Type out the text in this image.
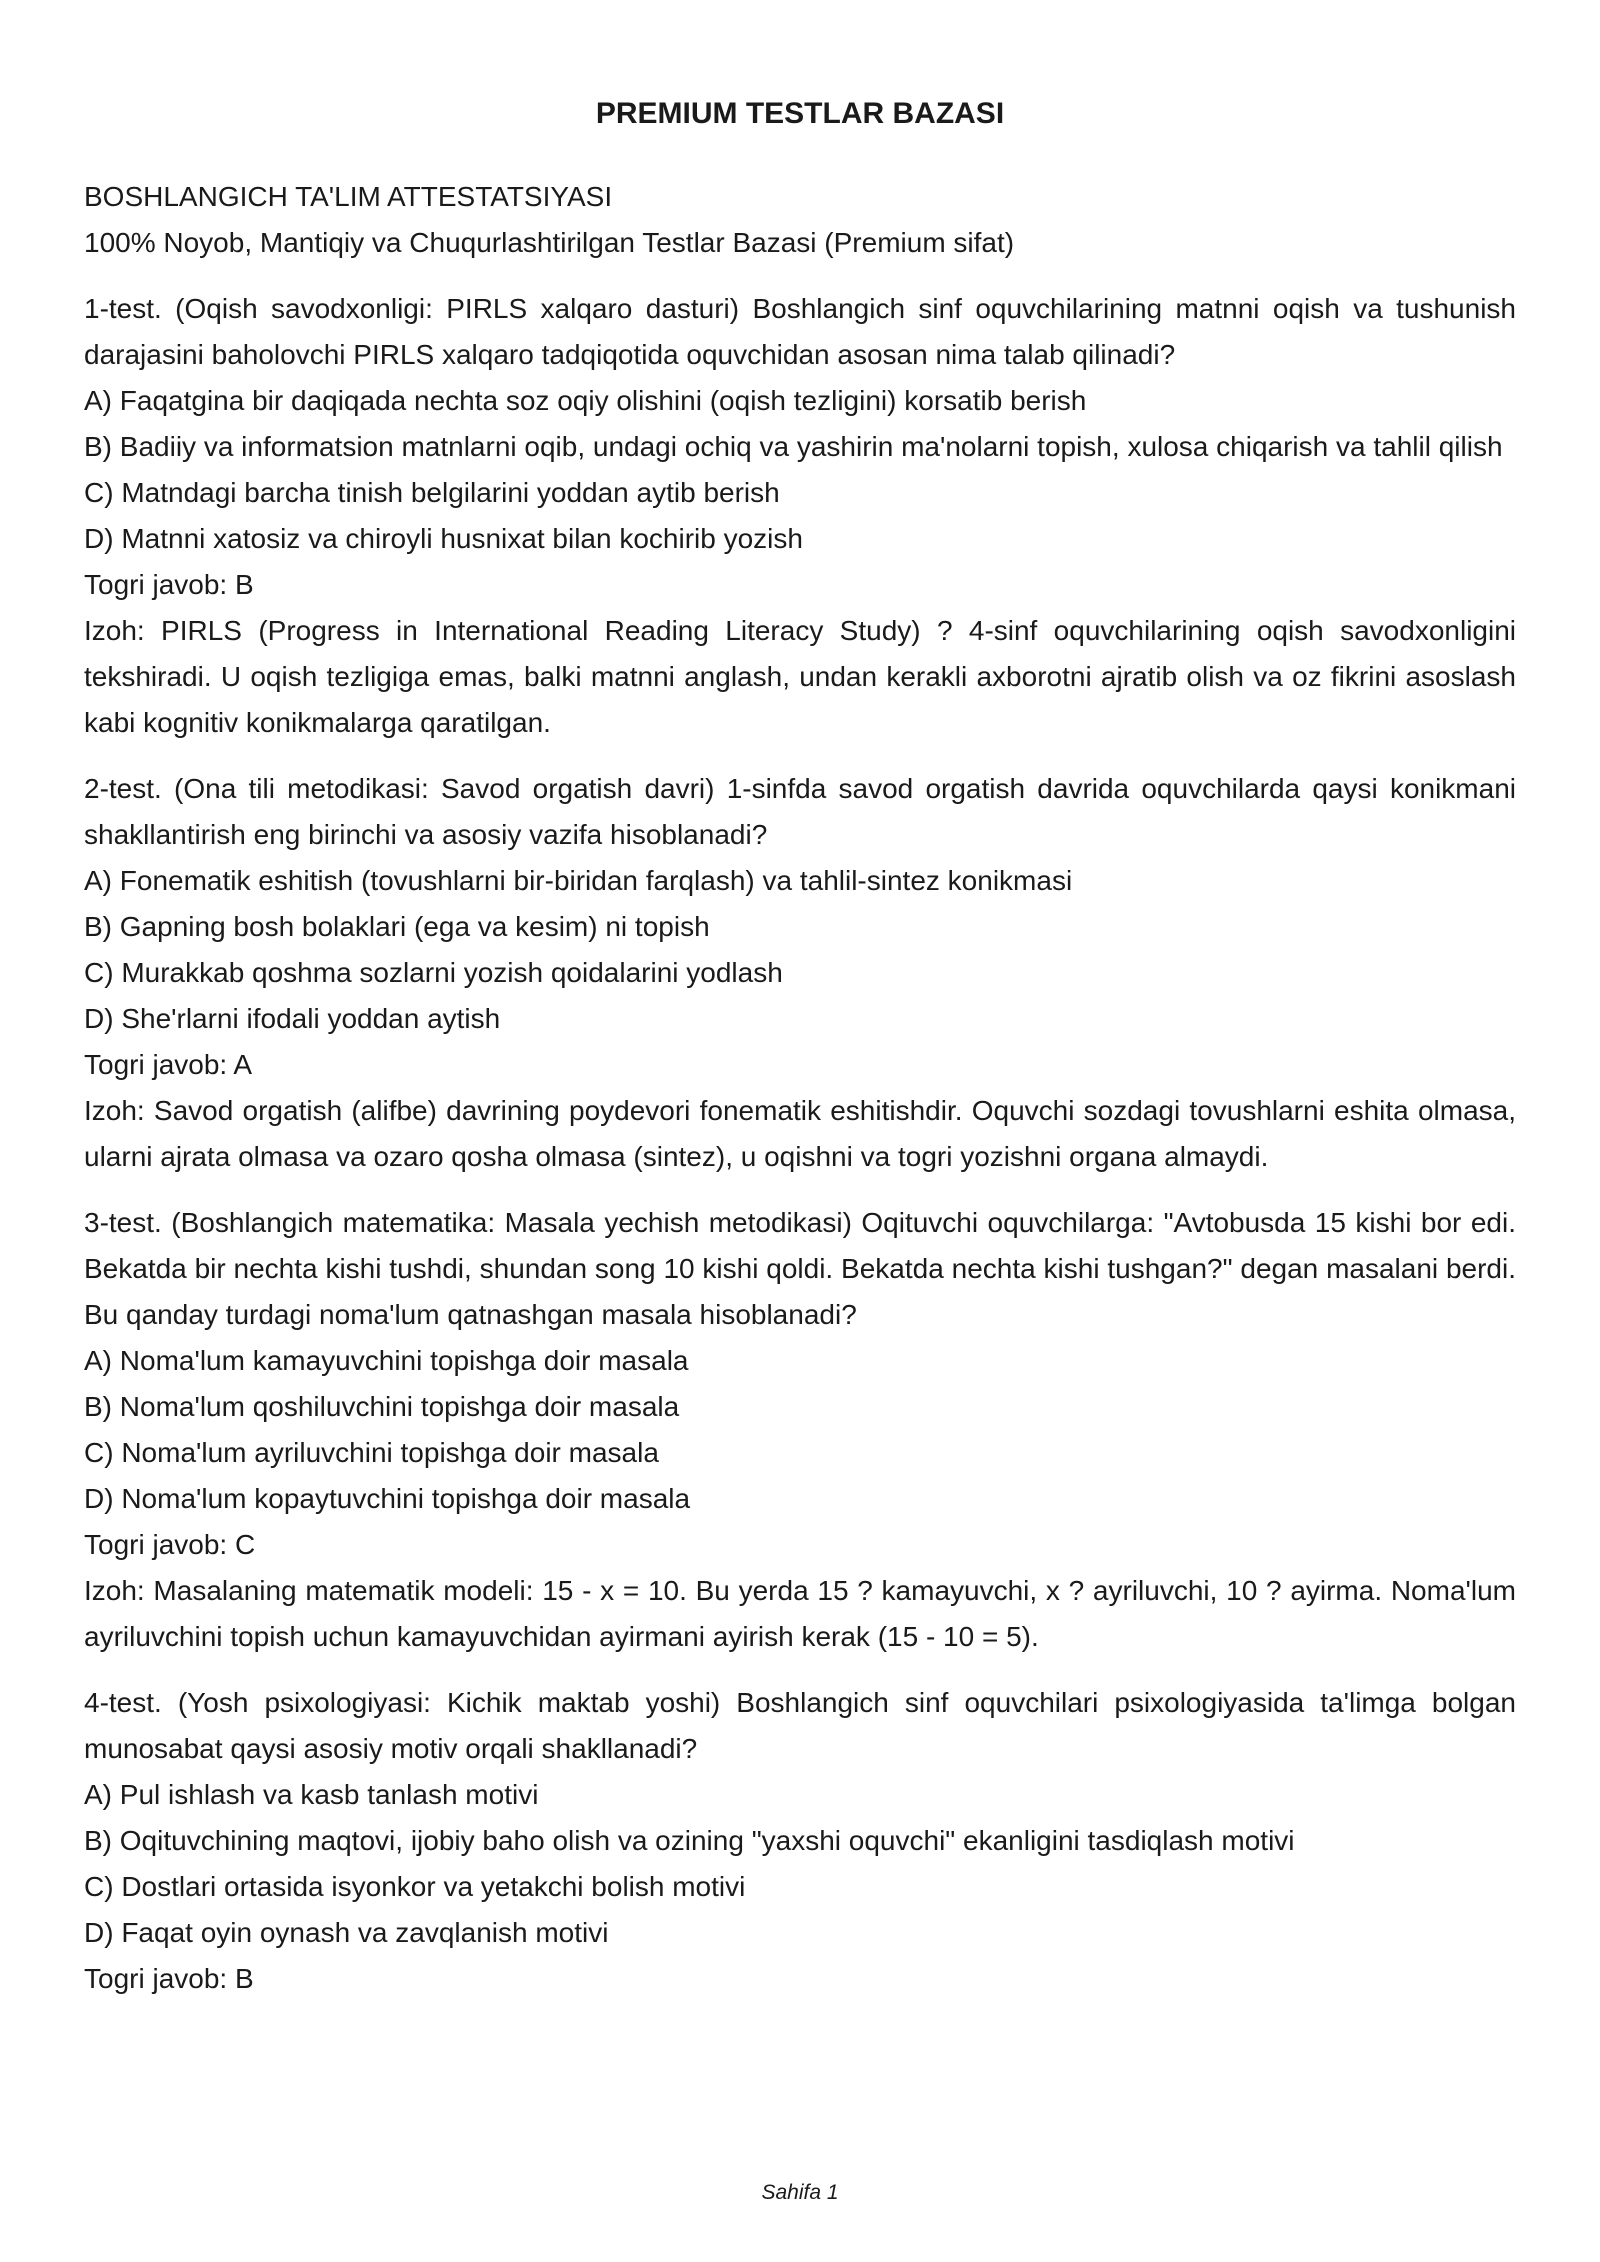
PREMIUM TESTLAR BAZASI
BOSHLANGICH TA'LIM ATTESTATSIYASI
100% Noyob, Mantiqiy va Chuqurlashtirilgan Testlar Bazasi (Premium sifat)
1-test. (Oqish savodxonligi: PIRLS xalqaro dasturi) Boshlangich sinf oquvchilarining matnni oqish va tushunish darajasini baholovchi PIRLS xalqaro tadqiqotida oquvchidan asosan nima talab qilinadi?
A) Faqatgina bir daqiqada nechta soz oqiy olishini (oqish tezligini) korsatib berish
B) Badiiy va informatsion matnlarni oqib, undagi ochiq va yashirin ma'nolarni topish, xulosa chiqarish va tahlil qilish
C) Matndagi barcha tinish belgilarini yoddan aytib berish
D) Matnni xatosiz va chiroyli husnixat bilan kochirib yozish
Togri javob: B
Izoh: PIRLS (Progress in International Reading Literacy Study) ? 4-sinf oquvchilarining oqish savodxonligini tekshiradi. U oqish tezligiga emas, balki matnni anglash, undan kerakli axborotni ajratib olish va oz fikrini asoslash kabi kognitiv konikmalarga qaratilgan.
2-test. (Ona tili metodikasi: Savod orgatish davri) 1-sinfda savod orgatish davrida oquvchilarda qaysi konikmani shakllantirish eng birinchi va asosiy vazifa hisoblanadi?
A) Fonematik eshitish (tovushlarni bir-biridan farqlash) va tahlil-sintez konikmasi
B) Gapning bosh bolaklari (ega va kesim) ni topish
C) Murakkab qoshma sozlarni yozish qoidalarini yodlash
D) She'rlarni ifodali yoddan aytish
Togri javob: A
Izoh: Savod orgatish (alifbe) davrining poydevori fonematik eshitishdir. Oquvchi sozdagi tovushlarni eshita olmasa, ularni ajrata olmasa va ozaro qosha olmasa (sintez), u oqishni va togri yozishni organa almaydi.
3-test. (Boshlangich matematika: Masala yechish metodikasi) Oqituvchi oquvchilarga: "Avtobusda 15 kishi bor edi. Bekatda bir nechta kishi tushdi, shundan song 10 kishi qoldi. Bekatda nechta kishi tushgan?" degan masalani berdi. Bu qanday turdagi noma'lum qatnashgan masala hisoblanadi?
A) Noma'lum kamayuvchini topishga doir masala
B) Noma'lum qoshiluvchini topishga doir masala
C) Noma'lum ayriluvchini topishga doir masala
D) Noma'lum kopaytuvchini topishga doir masala
Togri javob: C
Izoh: Masalaning matematik modeli: 15 - x = 10. Bu yerda 15 ? kamayuvchi, x ? ayriluvchi, 10 ? ayirma. Noma'lum ayriluvchini topish uchun kamayuvchidan ayirmani ayirish kerak (15 - 10 = 5).
4-test. (Yosh psixologiyasi: Kichik maktab yoshi) Boshlangich sinf oquvchilari psixologiyasida ta'limga bolgan munosabat qaysi asosiy motiv orqali shakllanadi?
A) Pul ishlash va kasb tanlash motivi
B) Oqituvchining maqtovi, ijobiy baho olish va ozining "yaxshi oquvchi" ekanligini tasdiqlash motivi
C) Dostlari ortasida isyonkor va yetakchi bolish motivi
D) Faqat oyin oynash va zavqlanish motivi
Togri javob: B
Sahifa 1
